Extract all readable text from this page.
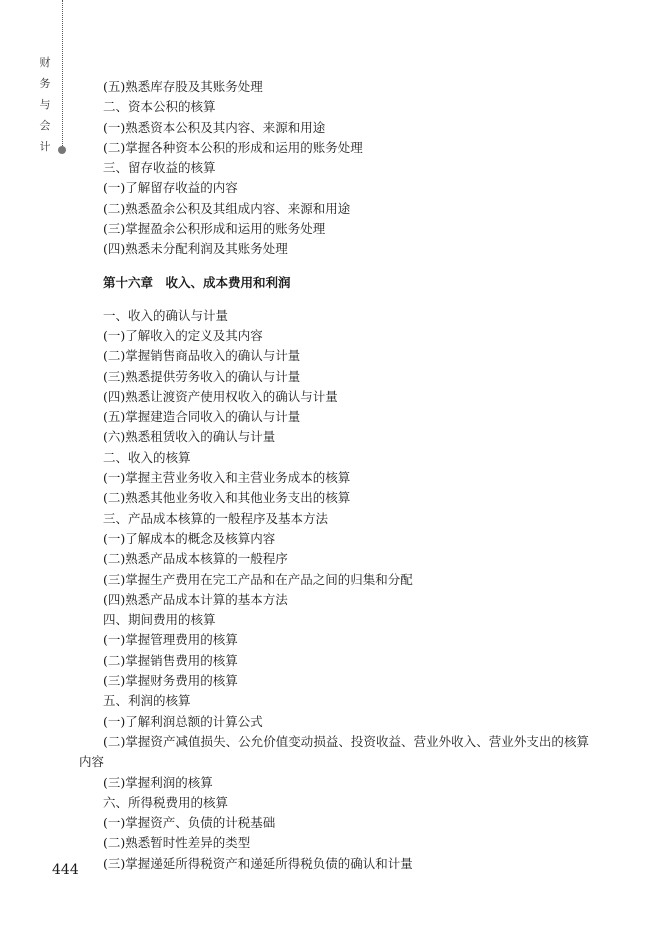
财务与会计
(五)熟悉库存股及其账务处理
二、资本公积的核算
(一)熟悉资本公积及其内容、来源和用途
(二)掌握各种资本公积的形成和运用的账务处理
三、留存收益的核算
(一)了解留存收益的内容
(二)熟悉盈余公积及其组成内容、来源和用途
(三)掌握盈余公积形成和运用的账务处理
(四)熟悉未分配利润及其账务处理
第十六章　收入、成本费用和利润
一、收入的确认与计量
(一)了解收入的定义及其内容
(二)掌握销售商品收入的确认与计量
(三)熟悉提供劳务收入的确认与计量
(四)熟悉让渡资产使用权收入的确认与计量
(五)掌握建造合同收入的确认与计量
(六)熟悉租赁收入的确认与计量
二、收入的核算
(一)掌握主营业务收入和主营业务成本的核算
(二)熟悉其他业务收入和其他业务支出的核算
三、产品成本核算的一般程序及基本方法
(一)了解成本的概念及核算内容
(二)熟悉产品成本核算的一般程序
(三)掌握生产费用在完工产品和在产品之间的归集和分配
(四)熟悉产品成本计算的基本方法
四、期间费用的核算
(一)掌握管理费用的核算
(二)掌握销售费用的核算
(三)掌握财务费用的核算
五、利润的核算
(一)了解利润总额的计算公式
(二)掌握资产减值损失、公允价值变动损益、投资收益、营业外收入、营业外支出的核算内容
(三)掌握利润的核算
六、所得税费用的核算
(一)掌握资产、负债的计税基础
(二)熟悉暂时性差异的类型
(三)掌握递延所得税资产和递延所得税负债的确认和计量
444
